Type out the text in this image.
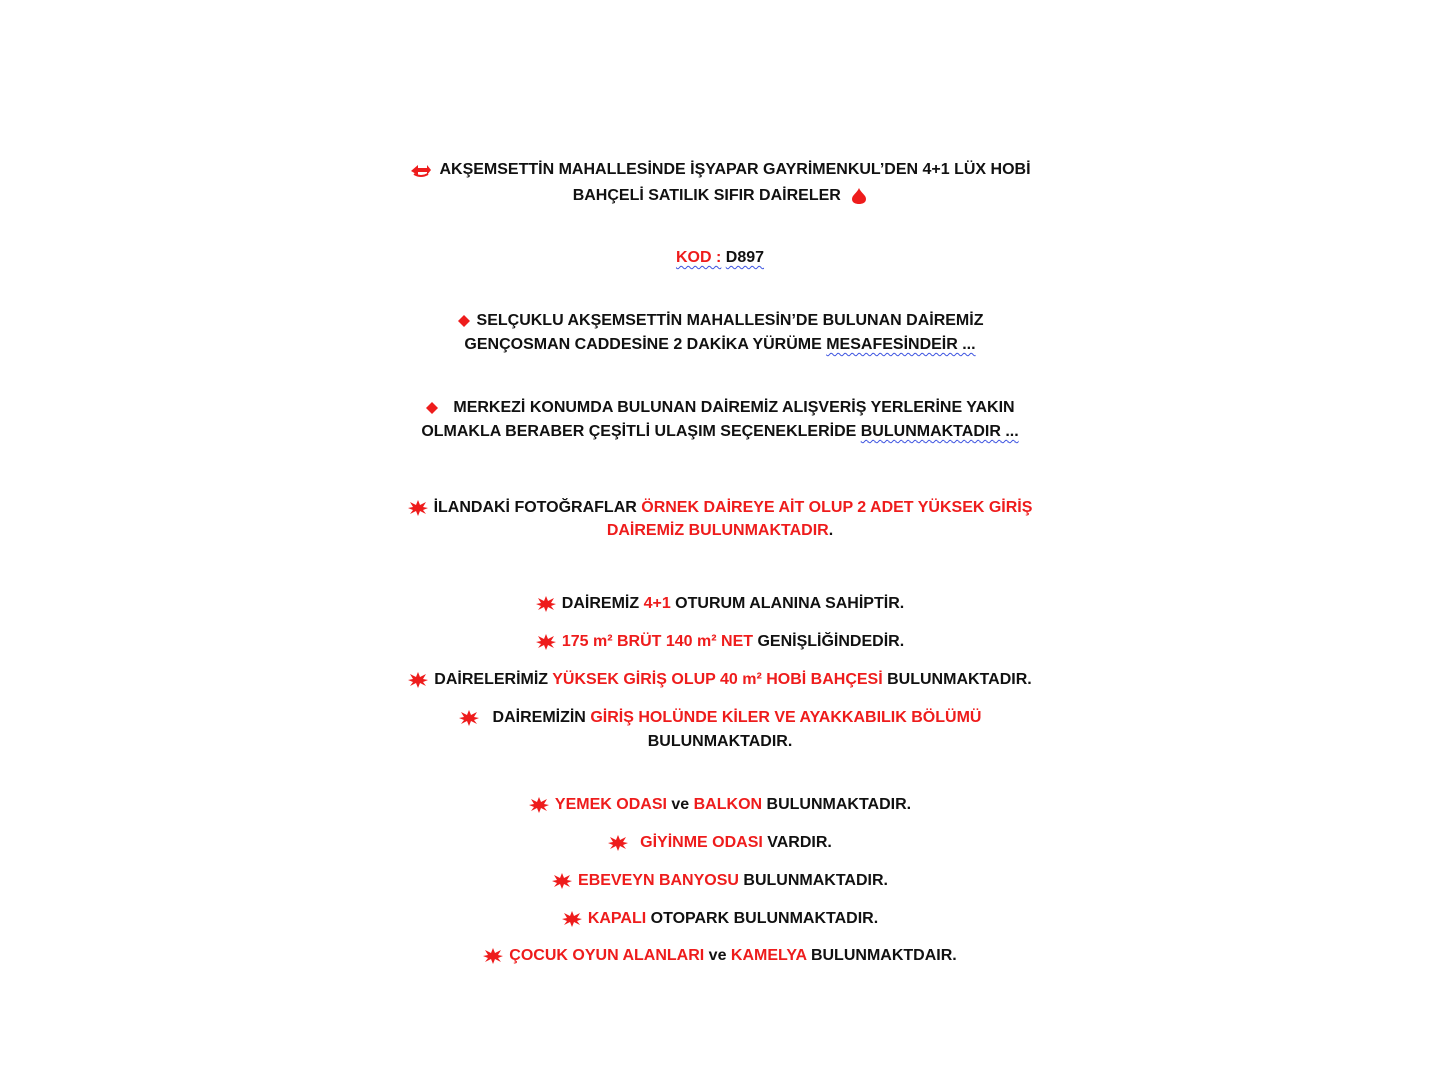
AKŞEMSETTİN MAHALLESİNDE İŞYAPAR GAYRİMENKUL’DEN 4+1 LÜX HOBİ
BAHÇELİ SATILIK SIFIR DAİRELER
KOD : D897
SELÇUKLU AKŞEMSETTİN MAHALLESİN’DE BULUNAN DAİREMİZ
GENÇOSMAN CADDESİNE 2 DAKİKA YÜRÜME MESAFESİNDEİR ...
MERKEZİ KONUMDA BULUNAN DAİREMİZ ALIŞVERİŞ YERLERİNE YAKIN
OLMAKLA BERABER ÇEŞİTLİ ULAŞIM SEÇENEKLERİDE BULUNMAKTADIR ...
İLANDAKİ FOTOĞRAFLAR ÖRNEK DAİREYE AİT OLUP 2 ADET YÜKSEK GİRİŞ
DAİREMİZ BULUNMAKTADIR.
DAİREMİZ 4+1 OTURUM ALANINA SAHİPTİR.
175 m² BRÜT 140 m² NET GENİŞLİĞİNDEDİR.
DAİRELERİMİZ YÜKSEK GİRİŞ OLUP 40 m² HOBİ BAHÇESİ BULUNMAKTADIR.
DAİREMİZİN GİRİŞ HOLÜNDE KİLER VE AYAKKABILIK BÖLÜMÜ
BULUNMAKTADIR.
YEMEK ODASI ve BALKON BULUNMAKTADIR.
GİYİNME ODASI VARDIR.
EBEVEYN BANYOSU BULUNMAKTADIR.
KAPALI OTOPARK BULUNMAKTADIR.
ÇOCUK OYUN ALANLARI ve KAMELYA BULUNMAKTDAIR.
